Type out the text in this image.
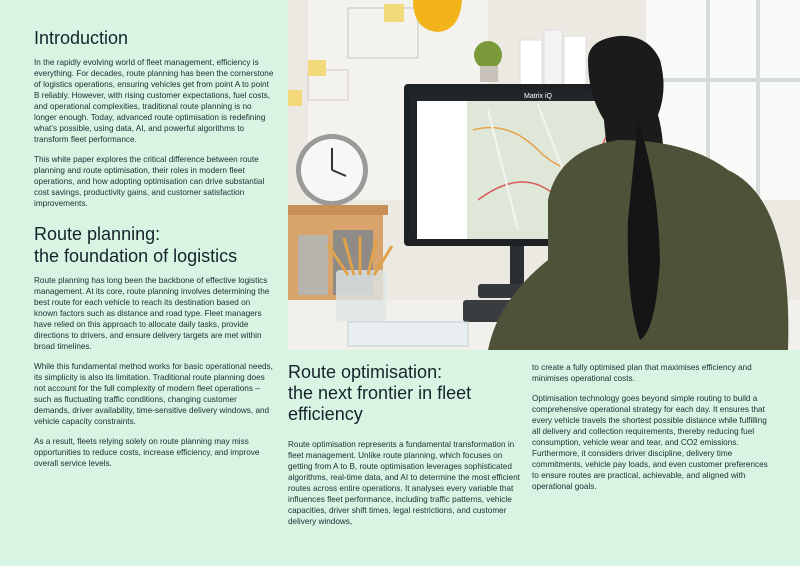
Introduction

In the rapidly evolving world of fleet management, efficiency is everything. For decades, route planning has been the cornerstone of logistics operations, ensuring vehicles get from point A to point B reliably. However, with rising customer expectations, fuel costs, and operational complexities, traditional route planning is no longer enough. Today, advanced route optimisation is redefining what’s possible, using data, AI, and powerful algorithms to transform fleet performance.

This white paper explores the critical difference between route planning and route optimisation, their roles in modern fleet operations, and how adopting optimisation can drive substantial cost savings, productivity gains, and customer satisfaction improvements.

Route planning:
the foundation of logistics

Route planning has long been the backbone of effective logistics management. At its core, route planning involves determining the best route for each vehicle to reach its destination based on known factors such as distance and road type. Fleet managers have relied on this approach to allocate daily tasks, provide directions to drivers, and ensure delivery targets are met within broad timelines.

While this fundamental method works for basic operational needs, its simplicity is also its limitation. Traditional route planning does not account for the full complexity of modern fleet operations – such as fluctuating traffic conditions, changing customer demands, driver availability, time-sensitive delivery windows, and vehicle capacity constraints.

As a result, fleets relying solely on route planning may miss opportunities to reduce costs, increase efficiency, and improve overall service levels.

Matrix iQ
Route optimisation:
the next frontier in fleet
efficiency

Route optimisation represents a fundamental transformation in fleet management. Unlike route planning, which focuses on getting from A to B, route optimisation leverages sophisticated algorithms, real-time data, and AI to determine the most efficient routes across entire operations. It analyses every variable that influences fleet performance, including traffic patterns, vehicle capacities, driver shift times, legal restrictions, and customer delivery windows,

to create a fully optimised plan that maximises efficiency and minimises operational costs.

Optimisation technology goes beyond simple routing to build a comprehensive operational strategy for each day. It ensures that every vehicle travels the shortest possible distance while fulfilling all delivery and collection requirements, thereby reducing fuel consumption, vehicle wear and tear, and CO2 emissions. Furthermore, it considers driver discipline, delivery time commitments, vehicle pay loads, and even customer preferences to ensure routes are practical, achievable, and aligned with operational goals.
